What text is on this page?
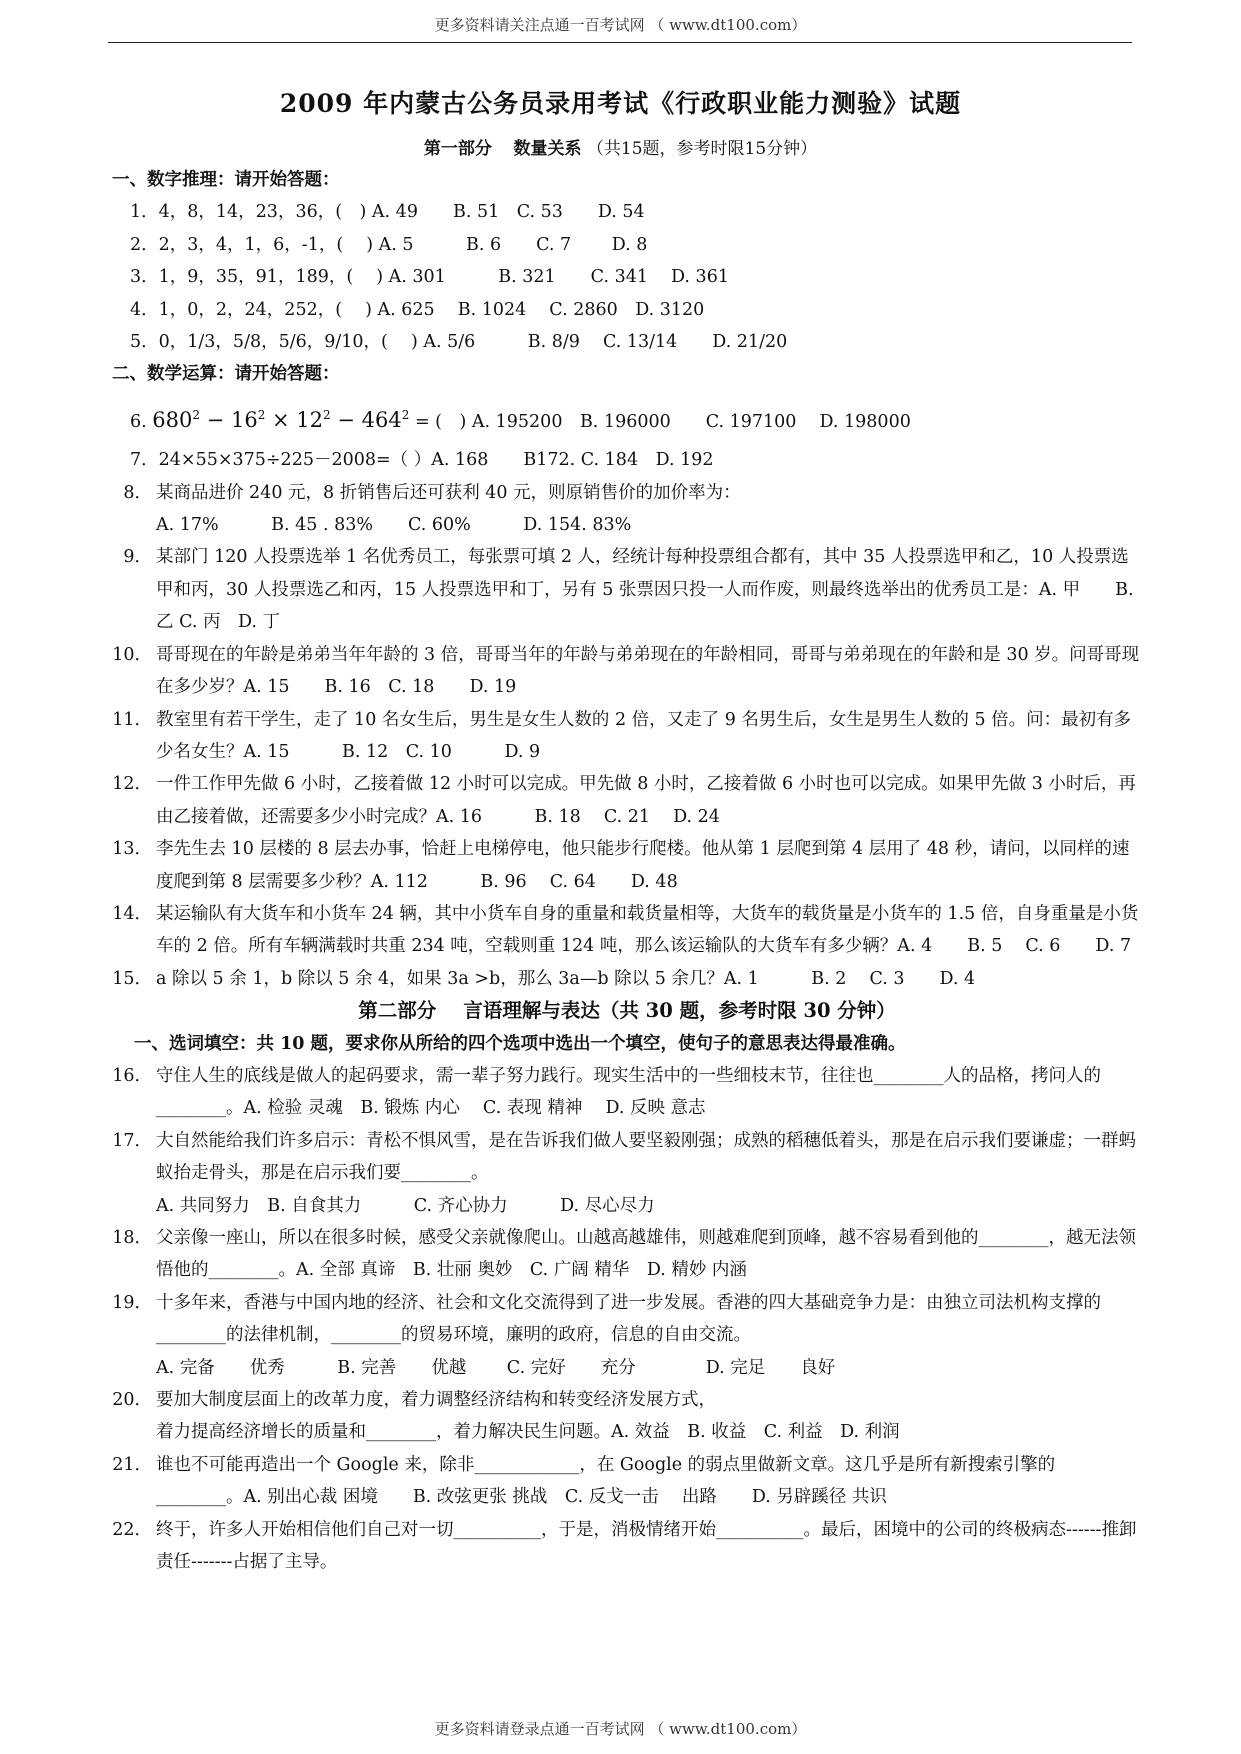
更多资料请关注点通一百考试网 （ www.dt100.com）
2009 年内蒙古公务员录用考试《行政职业能力测验》试题
第一部分 数量关系 （共15题，参考时限15分钟）
一、数字推理：请开始答题：
1．4，8，14，23，36，(　) A. 49　　B. 51　C. 53　　D. 54
2．2，3，4，1，6，-1，(　 ) A. 5　　　B. 6　　C. 7　　 D. 8
3．1，9，35，91，189，(　 ) A. 301　　　B. 321　　C. 341　 D. 361
4．1，0，2，24，252，(　 ) A. 625　 B. 1024　 C. 2860　D. 3120
5．0，1/3，5/8，5/6，9/10，(　 ) A. 5/6　　　B. 8/9　 C. 13/14　　D. 21/20
二、数学运算：请开始答题：
6. $680^2 - 16^2 \times 12^2 - 464^2$ = (　) A. 195200　B. 196000　　C. 197100　 D. 198000
7．24×55×375÷225－2008=（ ）A. 168　　B172. C. 184　D. 192
8． 某商品进价 240 元，8 折销售后还可获利 40 元，则原销售价的加价率为：
A. 17%　　　B. 45 . 83%　　C. 60%　　　D. 154. 83%
9． 某部门 120 人投票选举 1 名优秀员工，每张票可填 2 人，经统计每种投票组合都有，其中 35 人投票选甲和乙，10 人投票选甲和丙，30 人投票选乙和丙，15 人投票选甲和丁，另有 5 张票因只投一人而作废，则最终选举出的优秀员工是：A. 甲　　B. 乙 C. 丙　D. 丁
10． 哥哥现在的年龄是弟弟当年年龄的 3 倍，哥哥当年的年龄与弟弟现在的年龄相同，哥哥与弟弟现在的年龄和是 30 岁。问哥哥现在多少岁？A. 15　　B. 16　C. 18　　D. 19
11． 教室里有若干学生，走了 10 名女生后，男生是女生人数的 2 倍，又走了 9 名男生后，女生是男生人数的 5 倍。问：最初有多少名女生？A. 15　　　B. 12　C. 10　　　D. 9
12． 一件工作甲先做 6 小时，乙接着做 12 小时可以完成。甲先做 8 小时，乙接着做 6 小时也可以完成。如果甲先做 3 小时后，再由乙接着做，还需要多少小时完成？A. 16　　　B. 18　 C. 21　 D. 24
13． 李先生去 10 层楼的 8 层去办事，恰赶上电梯停电，他只能步行爬楼。他从第 1 层爬到第 4 层用了 48 秒，请问，以同样的速度爬到第 8 层需要多少秒？A. 112　　　B. 96　 C. 64　　D. 48
14． 某运输队有大货车和小货车 24 辆，其中小货车自身的重量和载货量相等，大货车的载货量是小货车的 1.5 倍，自身重量是小货车的 2 倍。所有车辆满载时共重 234 吨，空载则重 124 吨，那么该运输队的大货车有多少辆？A. 4　　B. 5　 C. 6　　D. 7
15． a 除以 5 余 1，b 除以 5 余 4，如果 3a >b，那么 3a—b 除以 5 余几？A. 1　　　B. 2　 C. 3　　D. 4
第二部分 言语理解与表达（共 30 题，参考时限 30 分钟）
一、选词填空：共 10 题，要求你从所给的四个选项中选出一个填空，使句子的意思表达得最准确。
16． 守住人生的底线是做人的起码要求，需一辈子努力践行。现实生活中的一些细枝末节，往往也________人的品格，拷问人的________。A. 检验 灵魂　B. 锻炼 内心　 C. 表现 精神　 D. 反映 意志
17． 大自然能给我们许多启示：青松不惧风雪，是在告诉我们做人要坚毅刚强；成熟的稻穗低着头，那是在启示我们要谦虚；一群蚂蚁抬走骨头，那是在启示我们要________。
A. 共同努力　B. 自食其力　　　C. 齐心协力　　　D. 尽心尽力
18． 父亲像一座山，所以在很多时候，感受父亲就像爬山。山越高越雄伟，则越难爬到顶峰，越不容易看到他的________，越无法领悟他的________。A. 全部 真谛　B. 壮丽 奥妙　C. 广阔 精华　D. 精妙 内涵
19． 十多年来，香港与中国内地的经济、社会和文化交流得到了进一步发展。香港的四大基础竞争力是：由独立司法机构支撑的________的法律机制，________的贸易环境，廉明的政府，信息的自由交流。
A. 完备　　优秀　　　B. 完善　　优越　　 C. 完好　　充分　　　　D. 完足　　良好
20． 要加大制度层面上的改革力度，着力调整经济结构和转变经济发展方式，
着力提高经济增长的质量和________，着力解决民生问题。A. 效益　B. 收益　C. 利益　D. 利润
21． 谁也不可能再造出一个 Google 来，除非____________，在 Google 的弱点里做新文章。这几乎是所有新搜索引擎的________。A. 别出心裁 困境　　B. 改弦更张 挑战　C. 反戈一击　 出路　　D. 另辟蹊径 共识
22． 终于，许多人开始相信他们自己对一切__________，于是，消极情绪开始__________。最后，困境中的公司的终极病态------推卸责任-------占据了主导。
更多资料请登录点通一百考试网 （ www.dt100.com）
